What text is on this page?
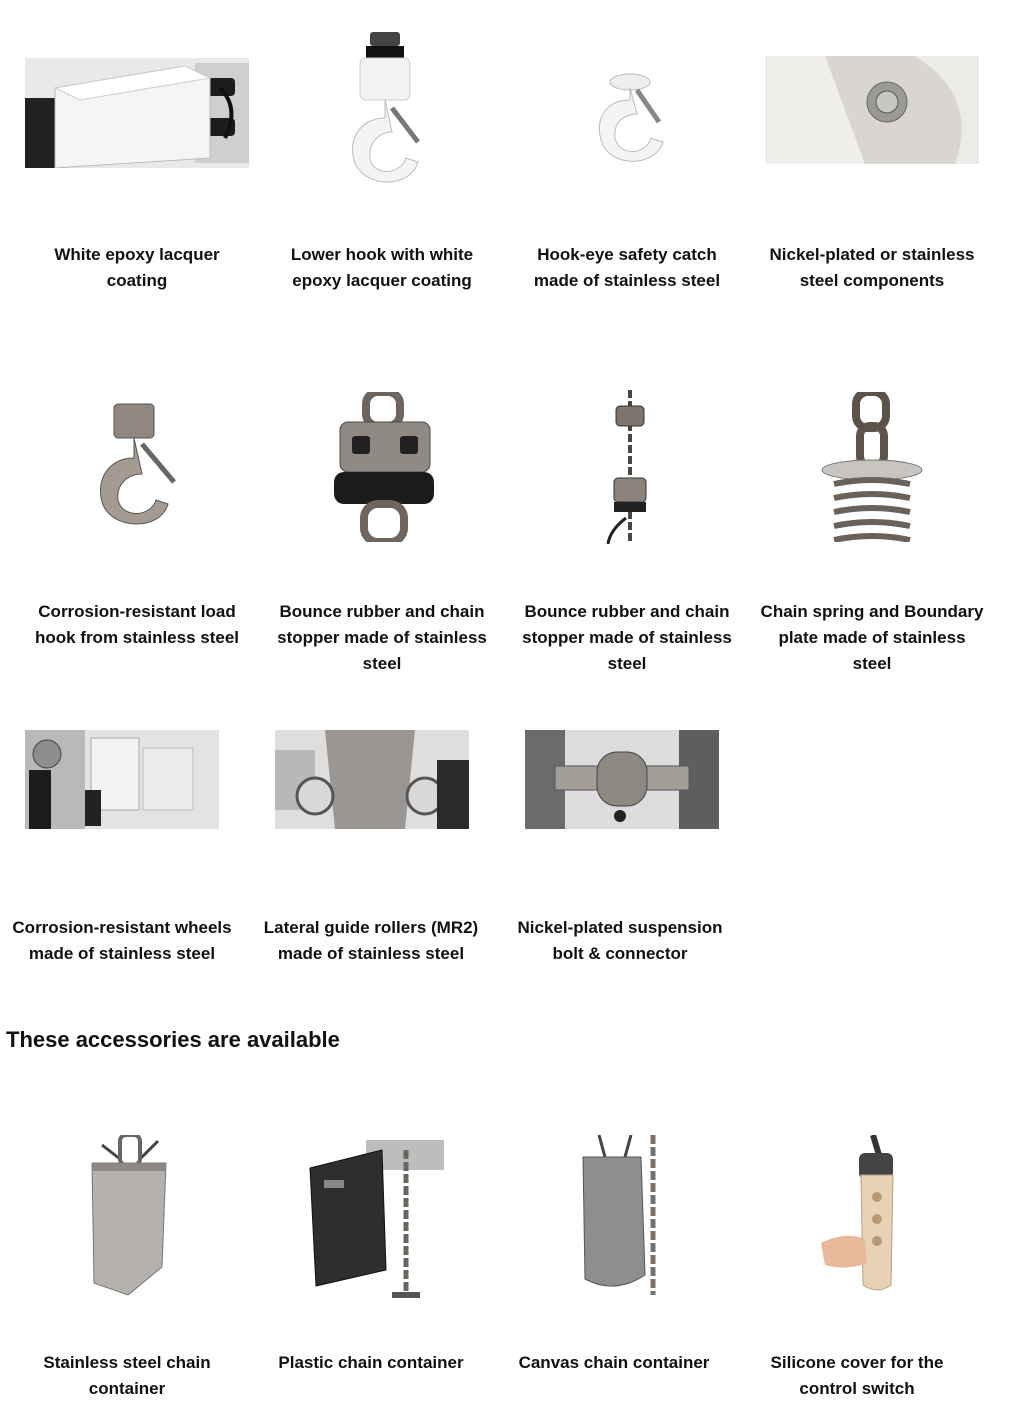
White epoxy lacquer coating
Lower hook with white epoxy lacquer coating
Hook-eye safety catch made of stainless steel
Nickel-plated or stainless steel components
Corrosion-resistant load hook from stainless steel
Bounce rubber and chain stopper made of stainless steel
Bounce rubber and chain stopper made of stainless steel
Chain spring and Boundary plate made of stainless steel
Corrosion-resistant wheels made of stainless steel
Lateral guide rollers (MR2) made of stainless steel
Nickel-plated suspension bolt & connector
These accessories are available
Stainless steel chain container
Plastic chain container	Canvas chain container	Silicone cover for the control switch
